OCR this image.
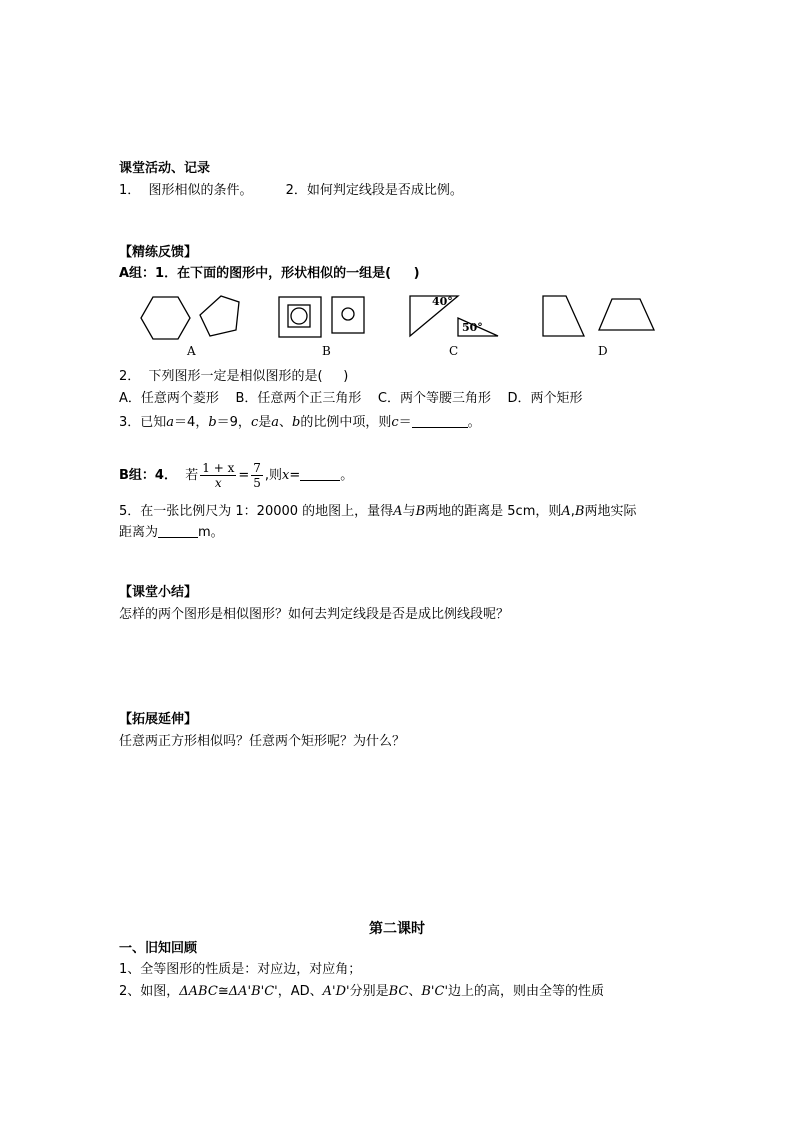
课堂活动、记录
1． 图形相似的条件。	2．如何判定线段是否成比例。
【精练反馈】
A组：1．在下面的图形中，形状相似的一组是(     )
40°
50°
A	B	C	D
2．  下列图形一定是相似图形的是(     )
A．任意两个菱形 B．任意两个正三角形 C．两个等腰三角形 D．两个矩形
3．已知a＝4，b＝9，c是a、b的比例中项，则c＝	。
B组：4． 若 $\frac{1 + x}{x} = \frac{7}{5}$ ,则x=	。
5．在一张比例尺为 1：20000 的地图上，量得A与B两地的距离是 5cm，则A,B两地实际
距离为	m。
【课堂小结】
怎样的两个图形是相似图形？如何去判定线段是否是成比例线段呢？
【拓展延伸】
任意两正方形相似吗？任意两个矩形呢？为什么？
第二课时
一、旧知回顾
1、全等图形的性质是：对应边，对应角；
2、如图，ΔABC≅ΔA'B'C'，AD、A'D'分别是BC、B'C'边上的高，则由全等的性质
